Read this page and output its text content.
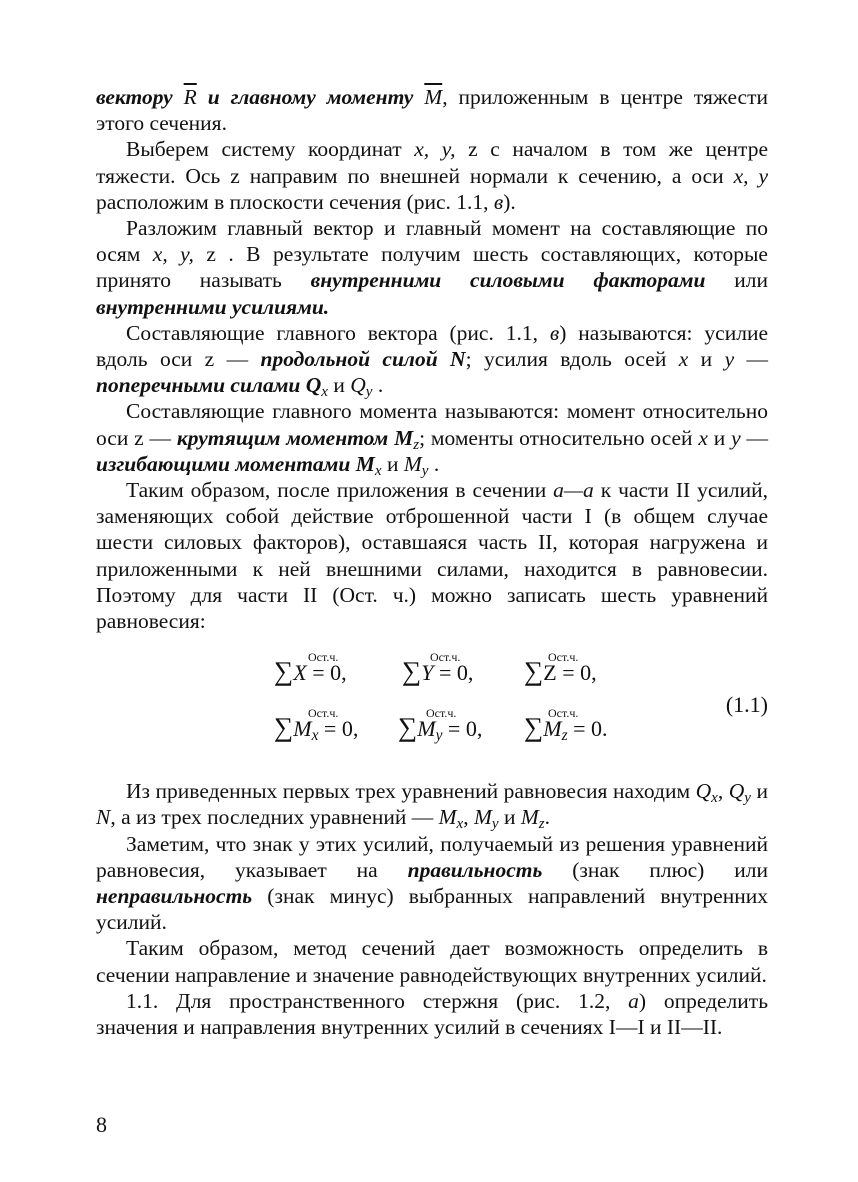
вектору $\overline{R}$ и главному моменту $\overline{M}$, приложенным в центре тяжести этого сечения.

Выберем систему координат x, y, z с началом в том же центре тяжести. Ось z направим по внешней нормали к сечению, а оси x, y расположим в плоскости сечения (рис. 1.1, в).

Разложим главный вектор и главный момент на составляющие по осям x, y, z . В результате получим шесть составляющих, которые принято называть внутренними силовыми факторами или внутренними усилиями.

Составляющие главного вектора (рис. 1.1, в) называются: усилие вдоль оси z — продольной силой N; усилия вдоль осей x и y — поперечными силами $Q_x$ и $Q_y$ .

Составляющие главного момента называются: момент относительно оси z — крутящим моментом $M_z$; моменты относительно осей x и y — изгибающими моментами $M_x$ и $M_y$ .

Таким образом, после приложения в сечении а—а к части II усилий, заменяющих собой действие отброшенной части I (в общем случае шести силовых факторов), оставшаяся часть II, которая нагружена и приложенными к ней внешними силами, находится в равновесии. Поэтому для части II (Ост. ч.) можно записать шесть уравнений равновесия:

Ост.ч.
∑X = 0,
Ост.ч.
∑Y = 0,
Ост.ч.
∑Z = 0,
Ост.ч.
$\sum M_x = 0$,
Ост.ч.
$\sum M_y = 0$,
Ост.ч.
$\sum M_z = 0$.
(1.1)

Из приведенных первых трех уравнений равновесия находим $Q_x$, $Q_y$ и N, а из трех последних уравнений — $M_x$, $M_y$ и $M_z$.

Заметим, что знак у этих усилий, получаемый из решения уравнений равновесия, указывает на правильность (знак плюс) или неправильность (знак минус) выбранных направлений внутренних усилий.

Таким образом, метод сечений дает возможность определить в сечении направление и значение равнодействующих внутренних усилий.

1.1. Для пространственного стержня (рис. 1.2, а) определить значения и направления внутренних усилий в сечениях I—I и II—II.

8
